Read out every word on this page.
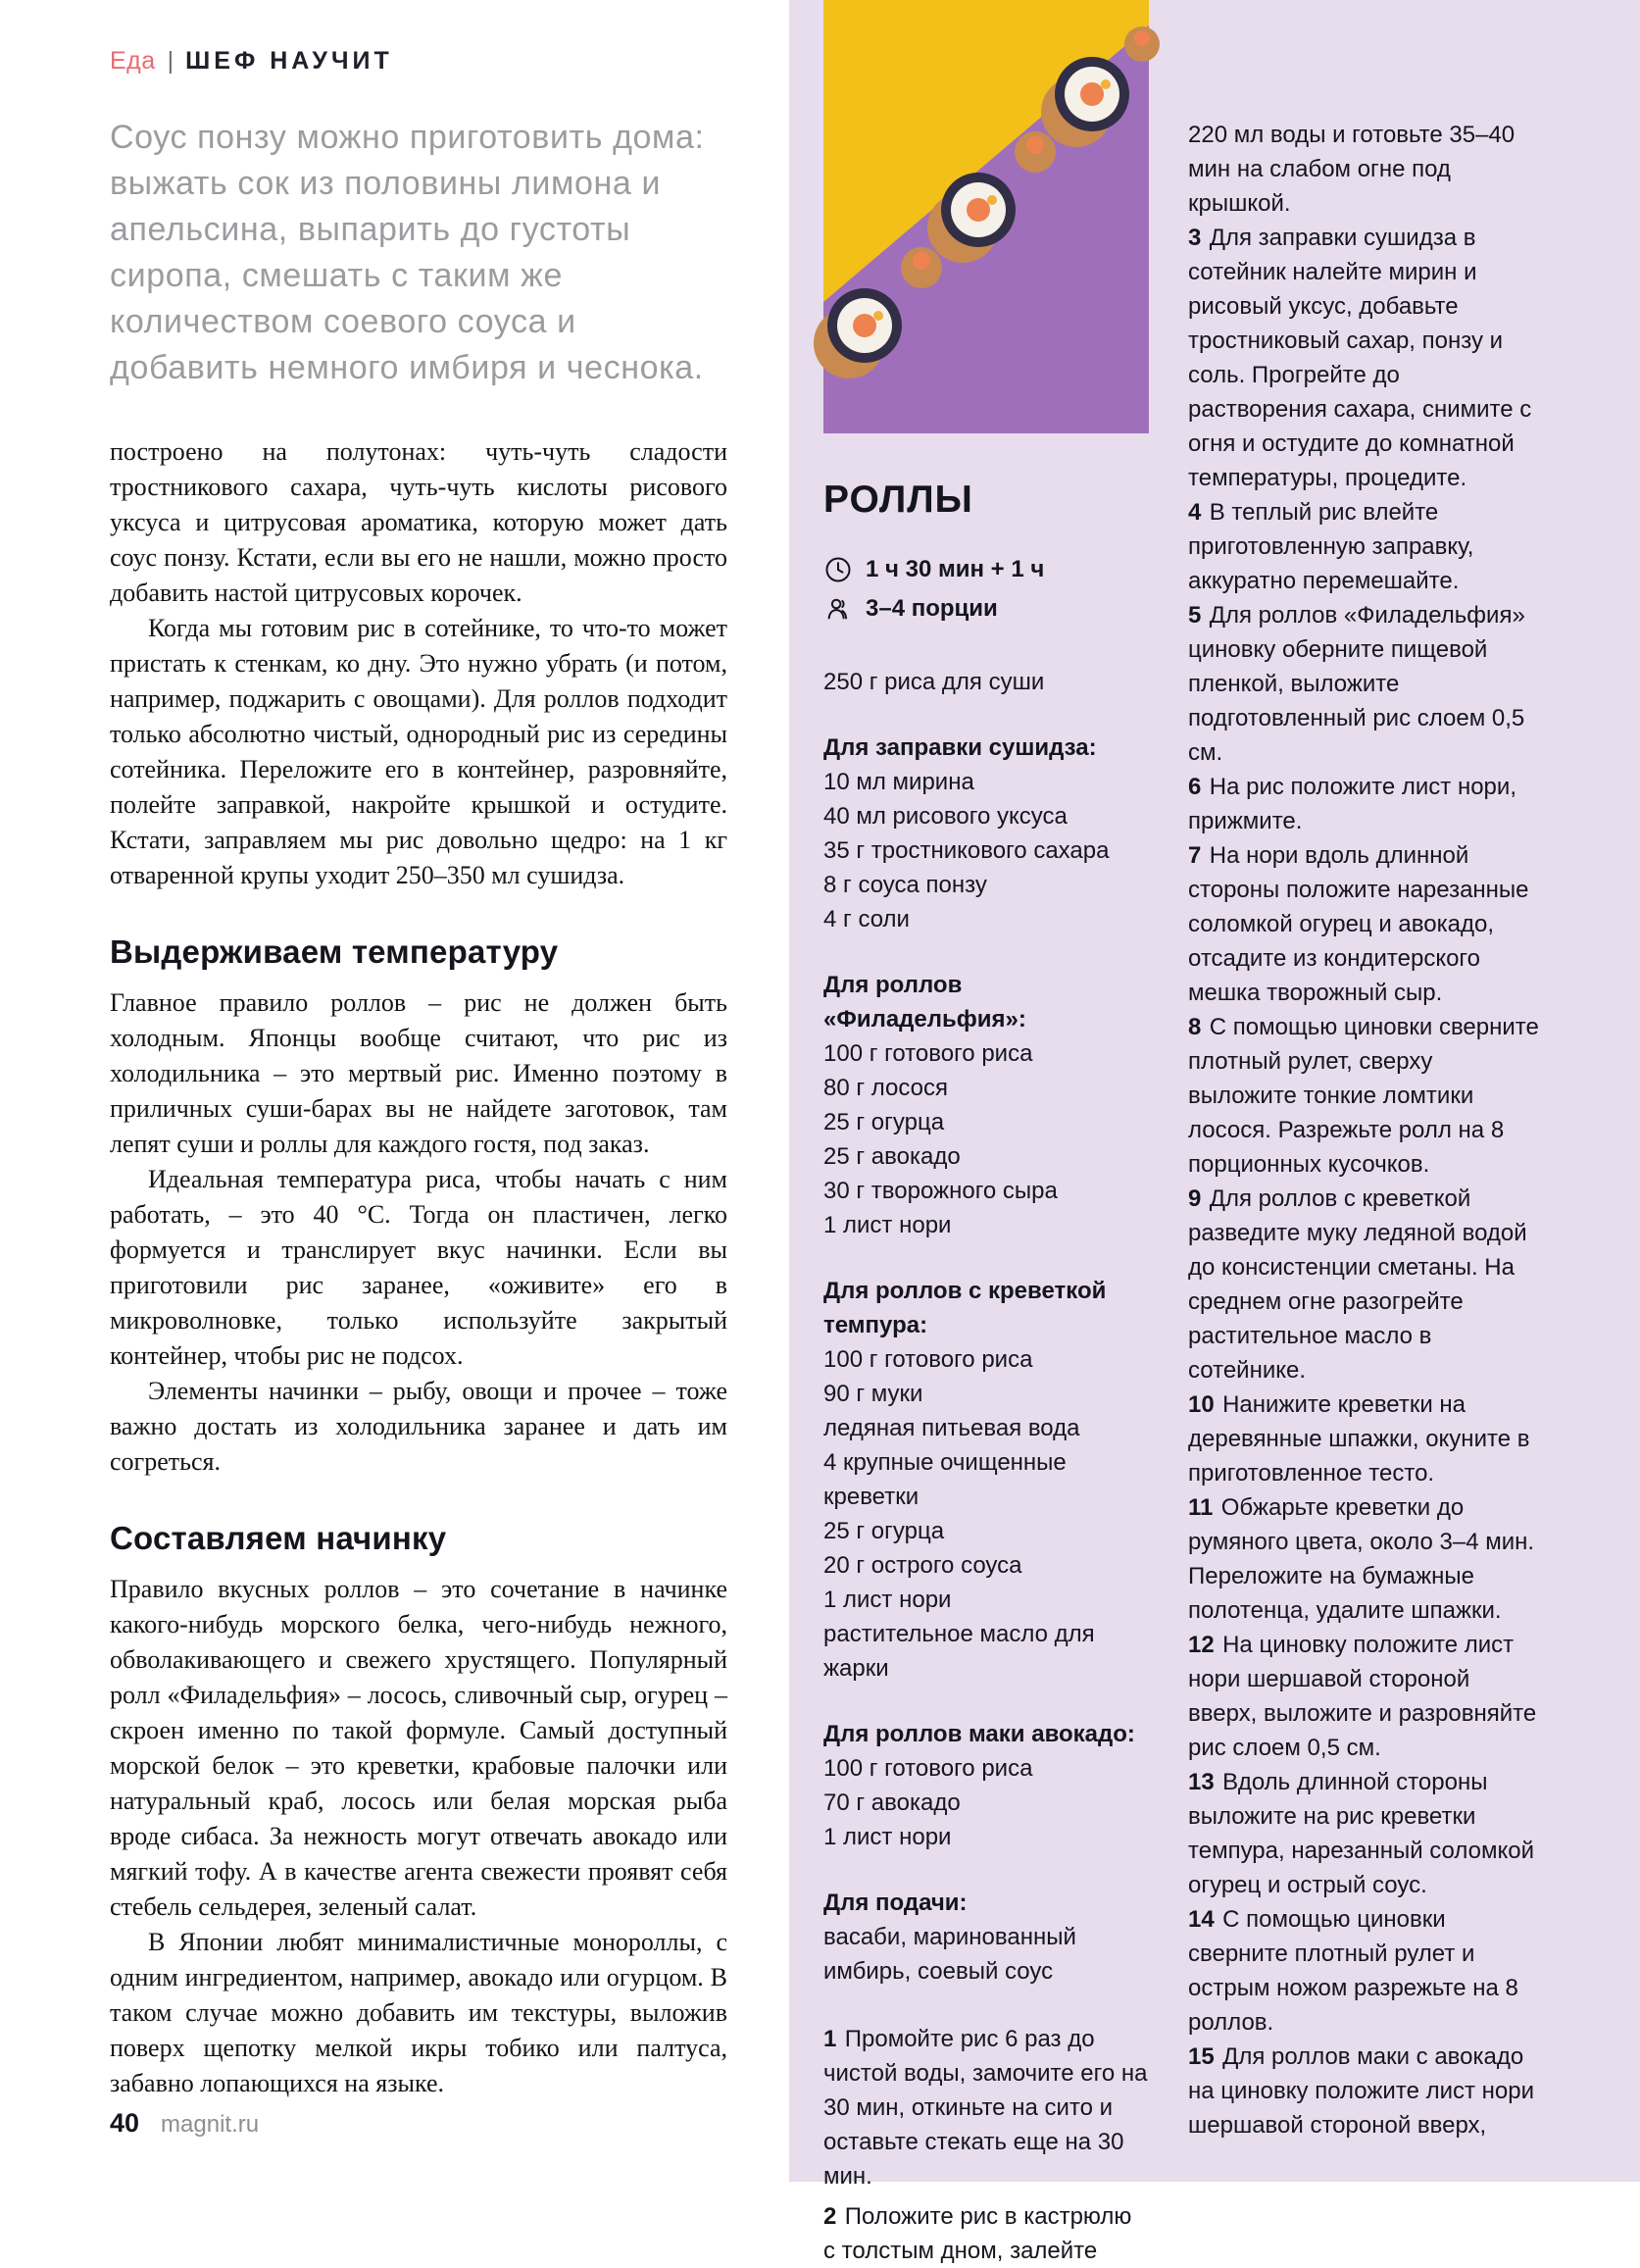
Еда | ШЕФ НАУЧИТ

Соус понзу можно приготовить дома: выжать сок из половины лимона и апельсина, выпарить до густоты сиропа, смешать с таким же количеством соевого соуса и добавить немного имбиря и чеснока.

построено на полутонах: чуть-чуть сладости тростникового сахара, чуть-чуть кислоты рисового уксуса и цитрусовая ароматика, которую может дать соус понзу. Кстати, если вы его не нашли, можно просто добавить настой цитрусовых корочек.

Когда мы готовим рис в сотейнике, то что-то может пристать к стенкам, ко дну. Это нужно убрать (и потом, например, поджарить с овощами). Для роллов подходит только абсолютно чистый, однородный рис из середины сотейника. Переложите его в контейнер, разровняйте, полейте заправкой, накройте крышкой и остудите. Кстати, заправляем мы рис довольно щедро: на 1 кг отваренной крупы уходит 250–350 мл сушидза.

Выдерживаем температуру

Главное правило роллов – рис не должен быть холодным. Японцы вообще считают, что рис из холодильника – это мертвый рис. Именно поэтому в приличных суши-барах вы не найдете заготовок, там лепят суши и роллы для каждого гостя, под заказ.

Идеальная температура риса, чтобы начать с ним работать, – это 40 °C. Тогда он пластичен, легко формуется и транслирует вкус начинки. Если вы приготовили рис заранее, «оживите» его в микроволновке, только используйте закрытый контейнер, чтобы рис не подсох.

Элементы начинки – рыбу, овощи и прочее – тоже важно достать из холодильника заранее и дать им согреться.

Составляем начинку

Правило вкусных роллов – это сочетание в начинке какого-нибудь морского белка, чего-нибудь нежного, обволакивающего и свежего хрустящего. Популярный ролл «Филадельфия» – лосось, сливочный сыр, огурец – скроен именно по такой формуле. Самый доступный морской белок – это креветки, крабовые палочки или натуральный краб, лосось или белая морская рыба вроде сибаса. За нежность могут отвечать авокадо или мягкий тофу. А в качестве агента свежести проявят себя стебель сельдерея, зеленый салат.

В Японии любят минималистичные монороллы, с одним ингредиентом, например, авокадо или огурцом. В таком случае можно добавить им текстуры, выложив поверх щепотку мелкой икры тобико или палтуса, забавно лопающихся на языке.

40 magnit.ru
РОЛЛЫ
1 ч 30 мин + 1 ч
3–4 порции

250 г риса для суши

Для заправки сушидза:
10 мл мирина
40 мл рисового уксуса
35 г тростникового сахара
8 г соуса понзу
4 г соли
Для роллов «Филадельфия»:
100 г готового риса
80 г лосося
25 г огурца
25 г авокадо
30 г творожного сыра
1 лист нори
Для роллов с креветкой темпура:
100 г готового риса
90 г муки
ледяная питьевая вода
4 крупные очищенные креветки
25 г огурца
20 г острого соуса
1 лист нори
растительное масло для жарки
Для роллов маки авокадо:
100 г готового риса
70 г авокадо
1 лист нори
Для подачи:
васаби, маринованный имбирь, соевый соус

1 Промойте рис 6 раз до чистой воды, замочите его на 30 мин, откиньте на сито и оставьте стекать еще на 30 мин.

2 Положите рис в кастрюлю с толстым дном, залейте

220 мл воды и готовьте 35–40 мин на слабом огне под крышкой.

3 Для заправки сушидза в сотейник налейте мирин и рисовый уксус, добавьте тростниковый сахар, понзу и соль. Прогрейте до растворения сахара, снимите с огня и остудите до комнатной температуры, процедите.

4 В теплый рис влейте приготовленную заправку, аккуратно перемешайте.

5 Для роллов «Филадельфия» циновку оберните пищевой пленкой, выложите подготовленный рис слоем 0,5 см.

6 На рис положите лист нори, прижмите.

7 На нори вдоль длинной стороны положите нарезанные соломкой огурец и авокадо, отсадите из кондитерского мешка творожный сыр.

8 С помощью циновки сверните плотный рулет, сверху выложите тонкие ломтики лосося. Разрежьте ролл на 8 порционных кусочков.

9 Для роллов с креветкой разведите муку ледяной водой до консистенции сметаны. На среднем огне разогрейте растительное масло в сотейнике.

10 Нанижите креветки на деревянные шпажки, окуните в приготовленное тесто.

11 Обжарьте креветки до румяного цвета, около 3–4 мин. Переложите на бумажные полотенца, удалите шпажки.

12 На циновку положите лист нори шершавой стороной вверх, выложите и разровняйте рис слоем 0,5 см.

13 Вдоль длинной стороны выложите на рис креветки темпура, нарезанный соломкой огурец и острый соус.

14 С помощью циновки сверните плотный рулет и острым ножом разрежьте на 8 роллов.

15 Для роллов маки с авокадо на циновку положите лист нори шершавой стороной вверх,
